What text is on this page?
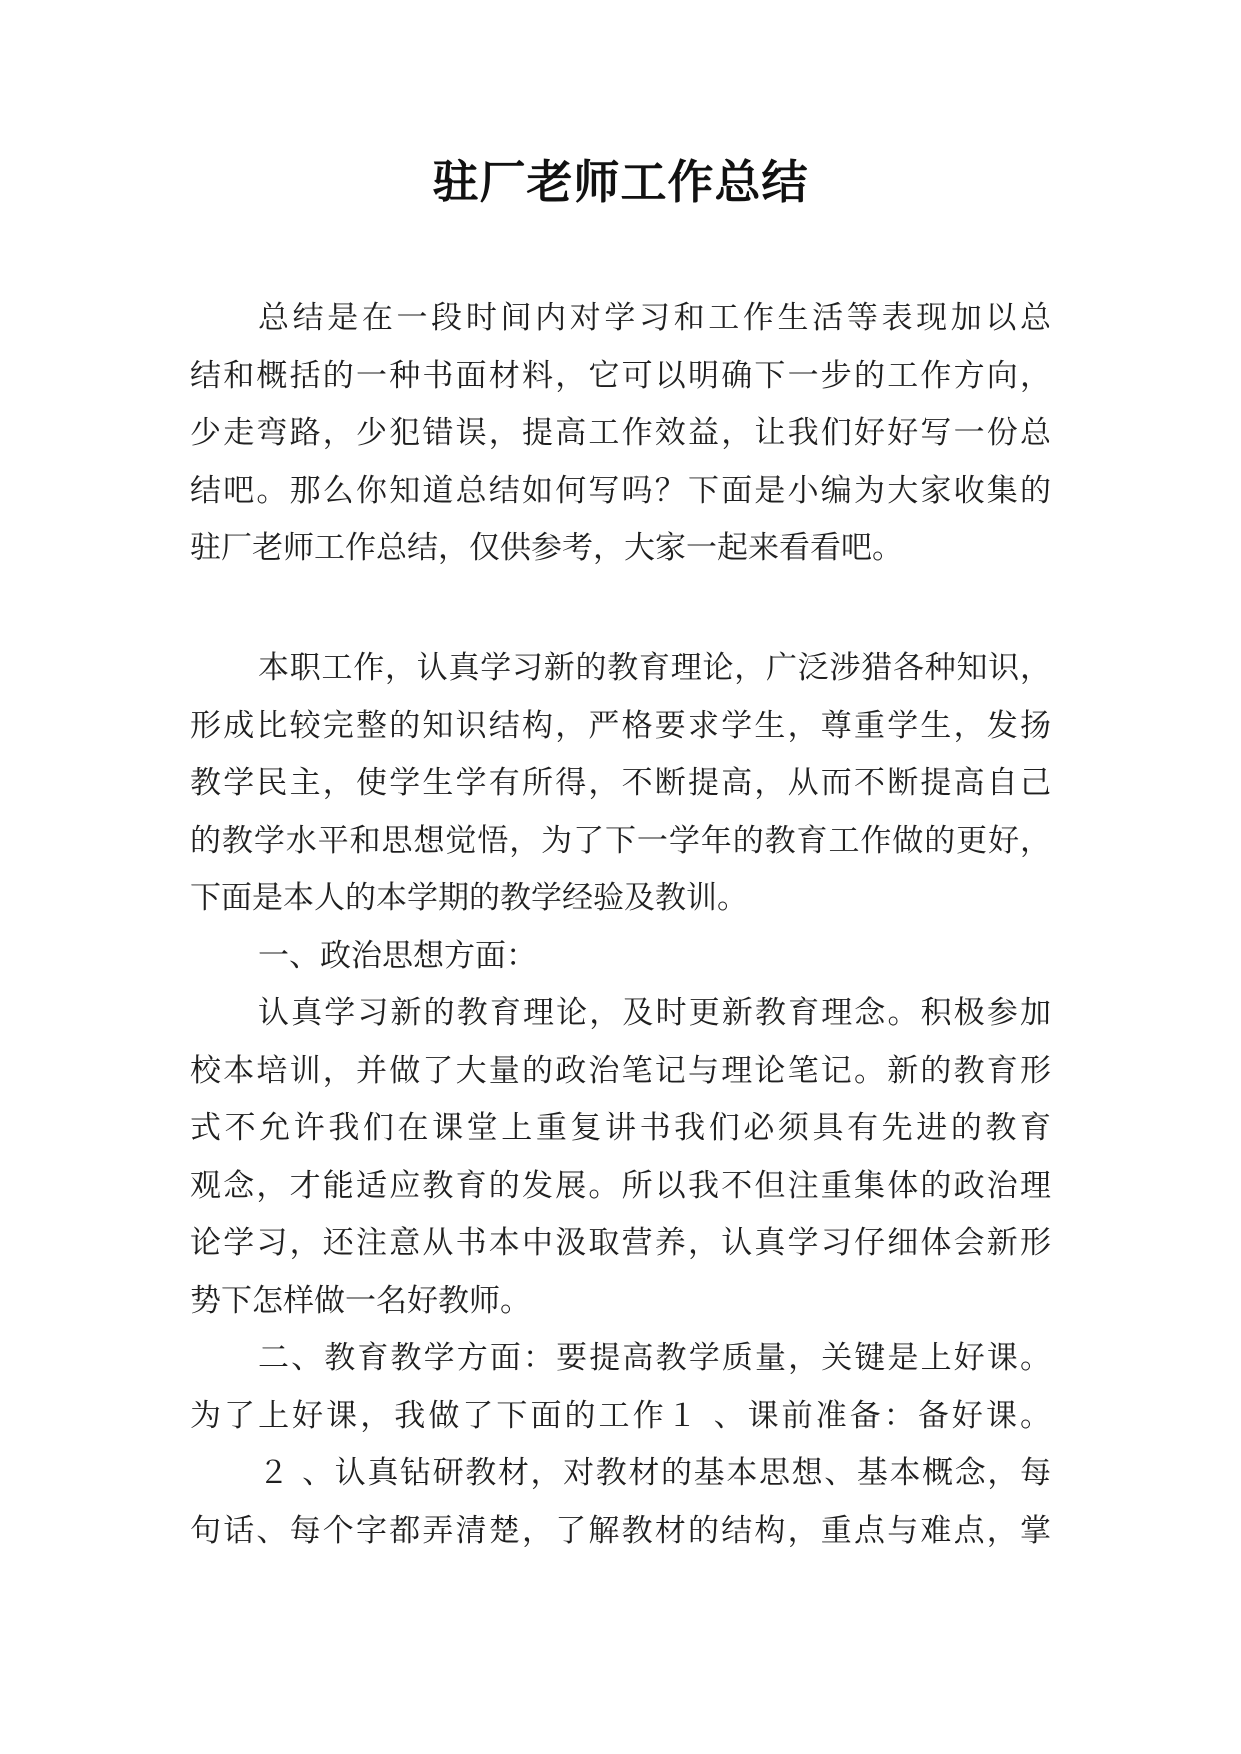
驻厂老师工作总结
总结是在一段时间内对学习和工作生活等表现加以总
结和概括的一种书面材料，它可以明确下一步的工作方向，
少走弯路，少犯错误，提高工作效益，让我们好好写一份总
结吧。那么你知道总结如何写吗？下面是小编为大家收集的
驻厂老师工作总结，仅供参考，大家一起来看看吧。
本职工作，认真学习新的教育理论，广泛涉猎各种知识，
形成比较完整的知识结构，严格要求学生，尊重学生，发扬
教学民主，使学生学有所得，不断提高，从而不断提高自己
的教学水平和思想觉悟，为了下一学年的教育工作做的更好，
下面是本人的本学期的教学经验及教训。
一、政治思想方面：
认真学习新的教育理论，及时更新教育理念。积极参加
校本培训，并做了大量的政治笔记与理论笔记。新的教育形
式不允许我们在课堂上重复讲书我们必须具有先进的教育
观念，才能适应教育的发展。所以我不但注重集体的政治理
论学习，还注意从书本中汲取营养，认真学习仔细体会新形
势下怎样做一名好教师。
二、教育教学方面：要提高教学质量，关键是上好课。
为了上好课，我做了下面的工作１ 、课前准备：备好课。
２ 、认真钻研教材，对教材的基本思想、基本概念，每
句话、每个字都弄清楚，了解教材的结构，重点与难点，掌
